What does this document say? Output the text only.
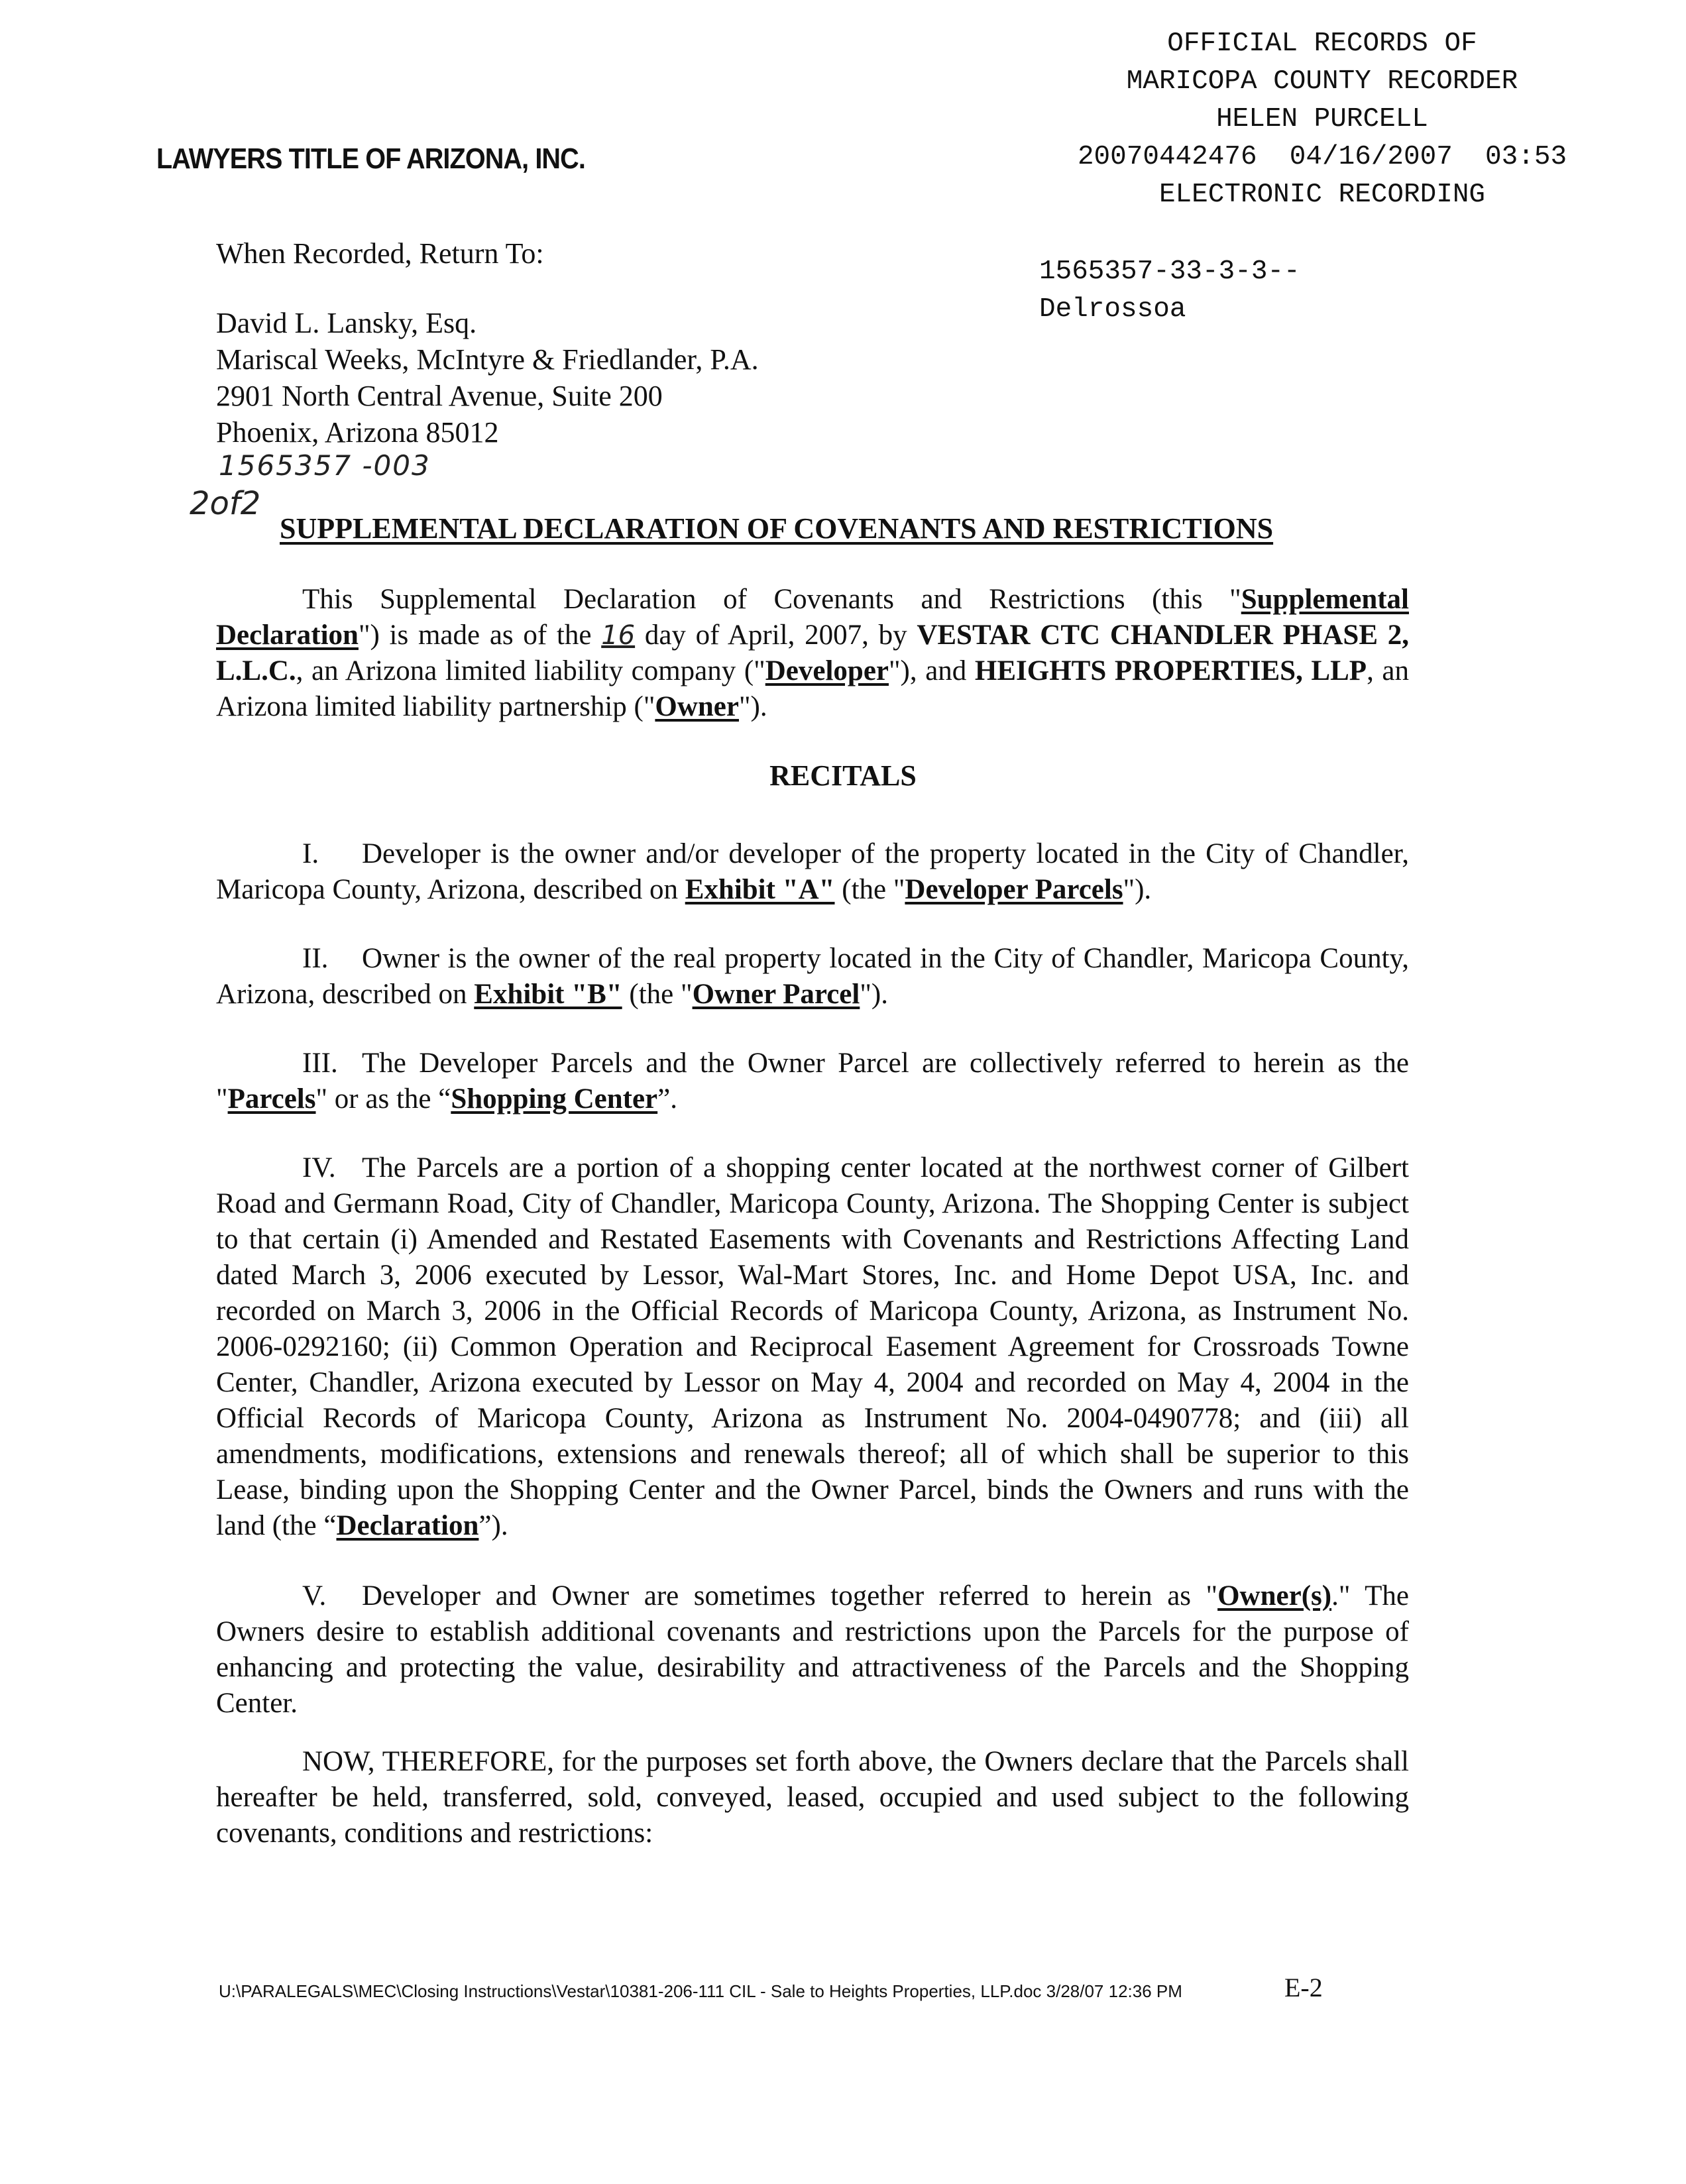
OFFICIAL RECORDS OF
MARICOPA COUNTY RECORDER
HELEN PURCELL
20070442476  04/16/2007  03:53
ELECTRONIC RECORDING
LAWYERS TITLE OF ARIZONA, INC.
When Recorded, Return To:
David L. Lansky, Esq.
Mariscal Weeks, McIntyre & Friedlander, P.A.
2901 North Central Avenue, Suite 200
Phoenix, Arizona 85012
1565357-33-3-3--
Delrossoa
1565357 -003
2of2
SUPPLEMENTAL DECLARATION OF COVENANTS AND RESTRICTIONS
This Supplemental Declaration of Covenants and Restrictions (this "Supplemental Declaration") is made as of the 16 day of April, 2007, by VESTAR CTC CHANDLER PHASE 2, L.L.C., an Arizona limited liability company ("Developer"), and HEIGHTS PROPERTIES, LLP, an Arizona limited liability partnership ("Owner").
RECITALS
I. Developer is the owner and/or developer of the property located in the City of Chandler, Maricopa County, Arizona, described on Exhibit "A" (the "Developer Parcels").
II. Owner is the owner of the real property located in the City of Chandler, Maricopa County, Arizona, described on Exhibit "B" (the "Owner Parcel").
III. The Developer Parcels and the Owner Parcel are collectively referred to herein as the "Parcels" or as the “Shopping Center”.
IV. The Parcels are a portion of a shopping center located at the northwest corner of Gilbert Road and Germann Road, City of Chandler, Maricopa County, Arizona. The Shopping Center is subject to that certain (i) Amended and Restated Easements with Covenants and Restrictions Affecting Land dated March 3, 2006 executed by Lessor, Wal-Mart Stores, Inc. and Home Depot USA, Inc. and recorded on March 3, 2006 in the Official Records of Maricopa County, Arizona, as Instrument No. 2006-0292160; (ii) Common Operation and Reciprocal Easement Agreement for Crossroads Towne Center, Chandler, Arizona executed by Lessor on May 4, 2004 and recorded on May 4, 2004 in the Official Records of Maricopa County, Arizona as Instrument No. 2004-0490778; and (iii) all amendments, modifications, extensions and renewals thereof; all of which shall be superior to this Lease, binding upon the Shopping Center and the Owner Parcel, binds the Owners and runs with the land (the “Declaration”).
V. Developer and Owner are sometimes together referred to herein as "Owner(s)." The Owners desire to establish additional covenants and restrictions upon the Parcels for the purpose of enhancing and protecting the value, desirability and attractiveness of the Parcels and the Shopping Center.
NOW, THEREFORE, for the purposes set forth above, the Owners declare that the Parcels shall hereafter be held, transferred, sold, conveyed, leased, occupied and used subject to the following covenants, conditions and restrictions:
U:\PARALEGALS\MEC\Closing Instructions\Vestar\10381-206-111 CIL - Sale to Heights Properties, LLP.doc 3/28/07 12:36 PM	E-2
